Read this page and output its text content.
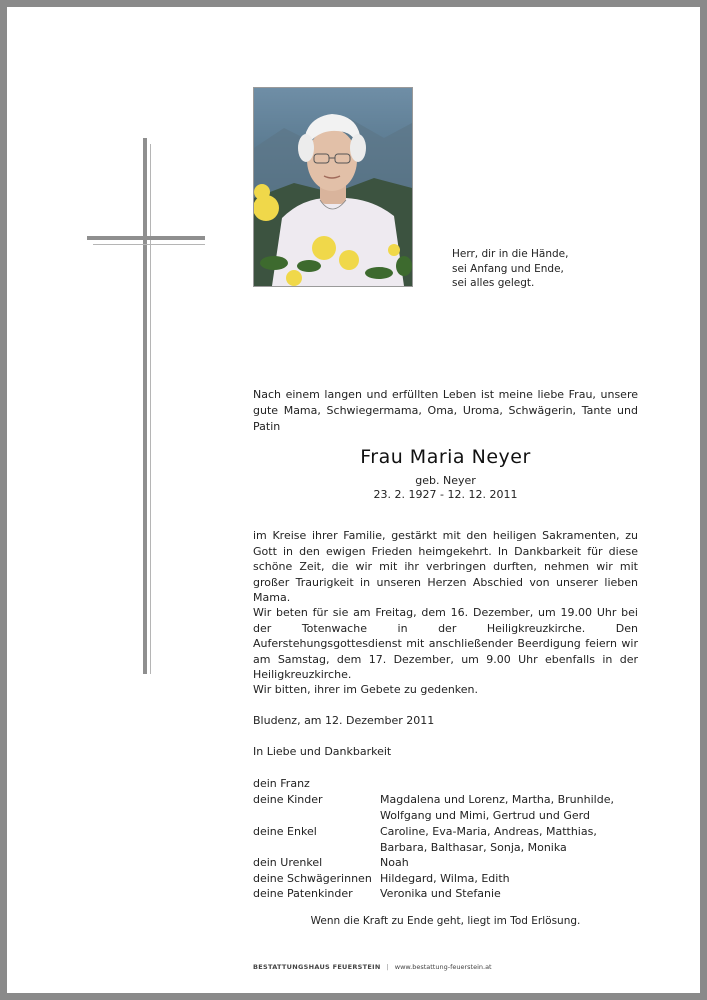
Herr, dir in die Hände,
sei Anfang und Ende,
sei alles gelegt.
Nach einem langen und erfüllten Leben ist meine liebe Frau, unsere gute Mama, Schwiegermama, Oma, Uroma, Schwägerin, Tante und Patin
Frau Maria Neyer
geb. Neyer
23. 2. 1927 - 12. 12. 2011
im Kreise ihrer Familie, gestärkt mit den heiligen Sakramenten, zu Gott in den ewigen Frieden heimgekehrt. In Dankbarkeit für diese schöne Zeit, die wir mit ihr verbringen durften, nehmen wir mit großer Traurigkeit in unseren Herzen Abschied von unserer lieben Mama.
Wir beten für sie am Freitag, dem 16. Dezember, um 19.00 Uhr bei der Totenwache in der Heiligkreuzkirche. Den Auferstehungsgottesdienst mit anschließender Beerdigung feiern wir am Samstag, dem 17. Dezember, um 9.00 Uhr ebenfalls in der Heiligkreuzkirche.
Wir bitten, ihrer im Gebete zu gedenken.
Bludenz, am 12. Dezember 2011
In Liebe und Dankbarkeit
dein Franz
deine Kinder	Magdalena und Lorenz, Martha, Brunhilde,
Wolfgang und Mimi, Gertrud und Gerd
deine Enkel	Caroline, Eva-Maria, Andreas, Matthias,
Barbara, Balthasar, Sonja, Monika
dein Urenkel	Noah
deine Schwägerinnen Hildegard, Wilma, Edith
deine Patenkinder Veronika und Stefanie
Wenn die Kraft zu Ende geht, liegt im Tod Erlösung.
BESTATTUNGSHAUS FEUERSTEIN | www.bestattung-feuerstein.at
